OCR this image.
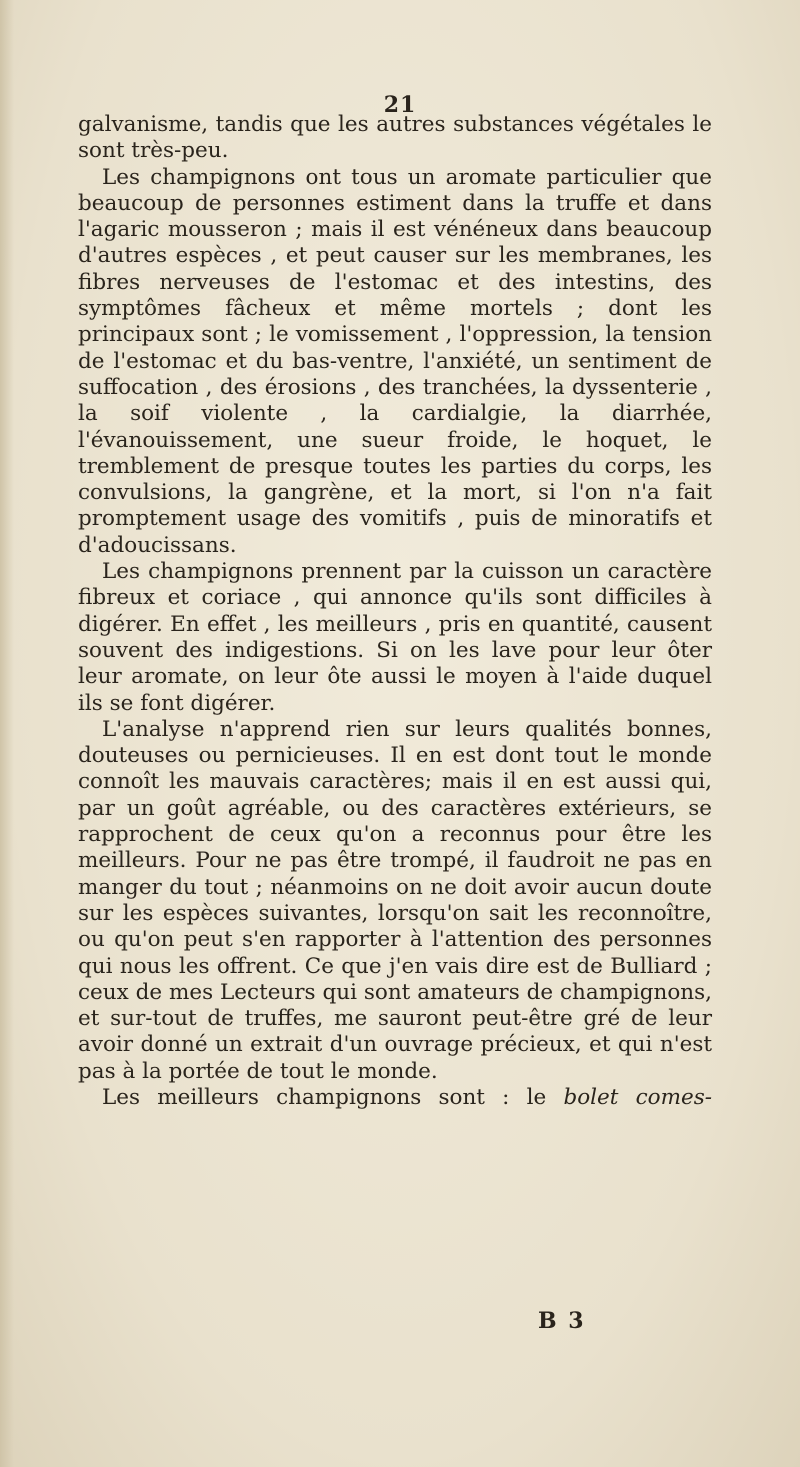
21

galvanisme, tandis que les autres substances végétales le sont très-peu.

Les champignons ont tous un aromate particulier que beaucoup de personnes estiment dans la truffe et dans l'agaric mousseron ; mais il est vénéneux dans beaucoup d'autres espèces , et peut causer sur les membranes, les fibres nerveuses de l'estomac et des intestins, des symptômes fâcheux et même mortels ; dont les principaux sont ; le vomissement , l'oppression, la tension de l'estomac et du bas-ventre, l'anxiété, un sentiment de suffocation , des érosions , des tranchées, la dyssenterie , la soif violente , la cardialgie, la diarrhée, l'évanouissement, une sueur froide, le hoquet, le tremblement de presque toutes les parties du corps, les convulsions, la gangrène, et la mort, si l'on n'a fait promptement usage des vomitifs , puis de minoratifs et d'adoucissans.

Les champignons prennent par la cuisson un caractère fibreux et coriace , qui annonce qu'ils sont difficiles à digérer. En effet , les meilleurs , pris en quantité, causent souvent des indigestions. Si on les lave pour leur ôter leur aromate, on leur ôte aussi le moyen à l'aide duquel ils se font digérer.

L'analyse n'apprend rien sur leurs qualités bonnes, douteuses ou pernicieuses. Il en est dont tout le monde connoît les mauvais caractères; mais il en est aussi qui, par un goût agréable, ou des caractères extérieurs, se rapprochent de ceux qu'on a reconnus pour être les meilleurs. Pour ne pas être trompé, il faudroit ne pas en manger du tout ; néanmoins on ne doit avoir aucun doute sur les espèces suivantes, lorsqu'on sait les reconnoître, ou qu'on peut s'en rapporter à l'attention des personnes qui nous les offrent. Ce que j'en vais dire est de Bulliard ; ceux de mes Lecteurs qui sont amateurs de champignons, et sur-tout de truffes, me sauront peut-être gré de leur avoir donné un extrait d'un ouvrage précieux, et qui n'est pas à la portée de tout le monde.

Les meilleurs champignons sont : le bolet comes-

B 3
